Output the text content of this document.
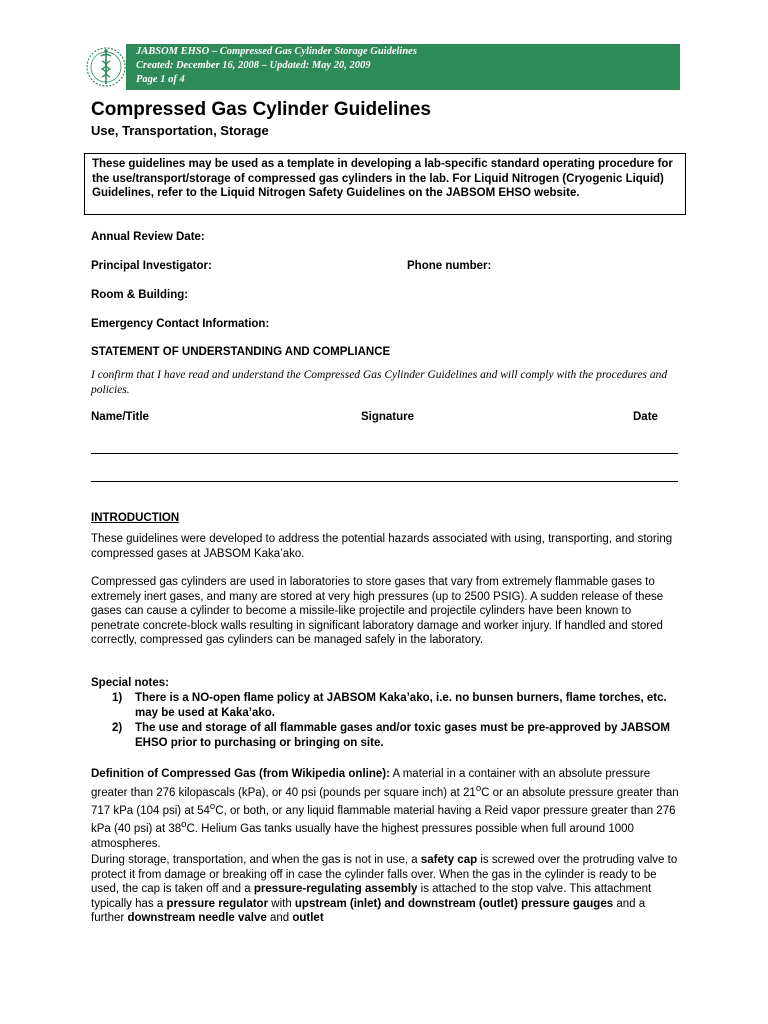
JABSOM EHSO – Compressed Gas Cylinder Storage Guidelines
Created: December 16, 2008 – Updated: May 20, 2009
Page 1 of 4
Compressed Gas Cylinder Guidelines
Use, Transportation, Storage
These guidelines may be used as a template in developing a lab-specific standard operating procedure for the use/transport/storage of compressed gas cylinders in the lab. For Liquid Nitrogen (Cryogenic Liquid) Guidelines, refer to the Liquid Nitrogen Safety Guidelines on the JABSOM EHSO website.
Annual Review Date:
Principal Investigator:	Phone number:
Room & Building:
Emergency Contact Information:
STATEMENT OF UNDERSTANDING AND COMPLIANCE
I confirm that I have read and understand the Compressed Gas Cylinder Guidelines and will comply with the procedures and policies.
Name/Title	Signature	Date
INTRODUCTION

These guidelines were developed to address the potential hazards associated with using, transporting, and storing compressed gases at JABSOM Kaka’ako.

Compressed gas cylinders are used in laboratories to store gases that vary from extremely flammable gases to extremely inert gases, and many are stored at very high pressures (up to 2500 PSIG). A sudden release of these gases can cause a cylinder to become a missile-like projectile and projectile cylinders have been known to penetrate concrete-block walls resulting in significant laboratory damage and worker injury. If handled and stored correctly, compressed gas cylinders can be managed safely in the laboratory.

Special notes:
1) There is a NO-open flame policy at JABSOM Kaka’ako, i.e. no bunsen burners, flame torches, etc. may be used at Kaka’ako.
2) The use and storage of all flammable gases and/or toxic gases must be pre-approved by JABSOM EHSO prior to purchasing or bringing on site.

Definition of Compressed Gas (from Wikipedia online): A material in a container with an absolute pressure greater than 276 kilopascals (kPa), or 40 psi (pounds per square inch) at 21$^o$C or an absolute pressure greater than 717 kPa (104 psi) at 54$^o$C, or both, or any liquid flammable material having a Reid vapor pressure greater than 276 kPa (40 psi) at 38$^o$C. Helium Gas tanks usually have the highest pressures possible when full around 1000 atmospheres.

During storage, transportation, and when the gas is not in use, a safety cap is screwed over the protruding valve to protect it from damage or breaking off in case the cylinder falls over. When the gas in the cylinder is ready to be used, the cap is taken off and a pressure-regulating assembly is attached to the stop valve. This attachment typically has a pressure regulator with upstream (inlet) and downstream (outlet) pressure gauges and a further downstream needle valve and outlet
